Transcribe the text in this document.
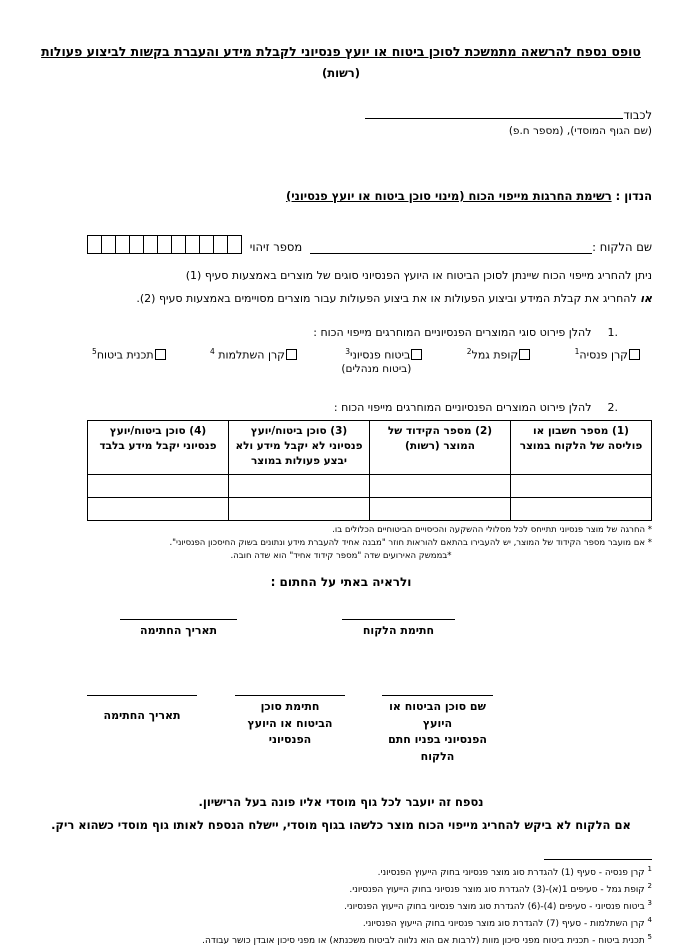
טופס נספח להרשאה מתמשכת לסוכן ביטוח או יועץ פנסיוני לקבלת מידע והעברת בקשות לביצוע פעולות
(רשות)
לכבוד
(שם הגוף המוסדי), (מספר ח.פ)
הנדון : רשימת החרגות מייפוי הכוח (מינוי סוכן ביטוח או יועץ פנסיוני)
שם הלקוח :
מספר זיהוי
ניתן להחריג מייפוי הכוח שיינתן לסוכן הביטוח או היועץ הפנסיוני סוגים של מוצרים באמצעות סעיף (1)
או להחריג את קבלת המידע וביצוע הפעולות או את ביצוע הפעולות עבור מוצרים מסויימים באמצעות סעיף (2).
.1
להלן פירוט סוגי המוצרים הפנסיוניים המוחרגים מייפוי הכוח :
קרן פנסיה$^1$
קופת גמל$^2$
ביטוח פנסיוני$^3$
(ביטוח מנהלים)
קרן השתלמות $^4$
תכנית ביטוח$^5$
.2
להלן פירוט המוצרים הפנסיוניים המוחרגים מייפוי הכוח :
(1) מספר חשבון או פוליסה של הלקוח במוצר	(2) מספר הקידוד של המוצר (רשות)	(3) סוכן ביטוח/יועץ פנסיוני לא יקבל מידע ולא יבצע פעולות במוצר	(4) סוכן ביטוח/יועץ פנסיוני יקבל מידע בלבד

* החרגה של מוצר פנסיוני תתייחס לכל מסלולי ההשקעה והכיסויים הביטוחיים הכלולים בו.
* אם מועבר מספר הקידוד של המוצר, יש להעבירו בהתאם להוראות חוזר "מבנה אחיד להעברת מידע ונתונים בשוק החיסכון הפנסיוני".
*בממשק האירועים שדה "מספר קידוד אחיד" הוא שדה חובה.
ולראיה באתי על החתום :
חתימת הלקוח
תאריך החתימה
שם סוכן הביטוח או היועץ
הפנסיוני בפניו חתם הלקוח
חתימת סוכן
הביטוח או היועץ הפנסיוני
תאריך החתימה
נספח זה יועבר לכל גוף מוסדי אליו פונה בעל הרישיון.
אם הלקוח לא ביקש להחריג מייפוי הכוח מוצר כלשהו בגוף מוסדי, יישלח הנספח לאותו גוף מוסדי כשהוא ריק.
$^1$ קרן פנסיה - סעיף (1) להגדרת סוג מוצר פנסיוני בחוק הייעוץ הפנסיוני.
$^2$ קופת גמל - סעיפים 1(א)-(3) להגדרת סוג מוצר פנסיוני בחוק הייעוץ הפנסיוני.
$^3$ ביטוח פנסיוני - סעיפים (4)-(6) להגדרת סוג מוצר פנסיוני בחוק הייעוץ הפנסיוני.
$^4$ קרן השתלמות - סעיף (7) להגדרת סוג מוצר פנסיוני בחוק הייעוץ הפנסיוני.
$^5$ תכנית ביטוח - תכנית ביטוח מפני סיכון מוות (לרבות אם הוא נלווה לביטוח משכנתא) או מפני סיכון אובדן כושר עבודה.
